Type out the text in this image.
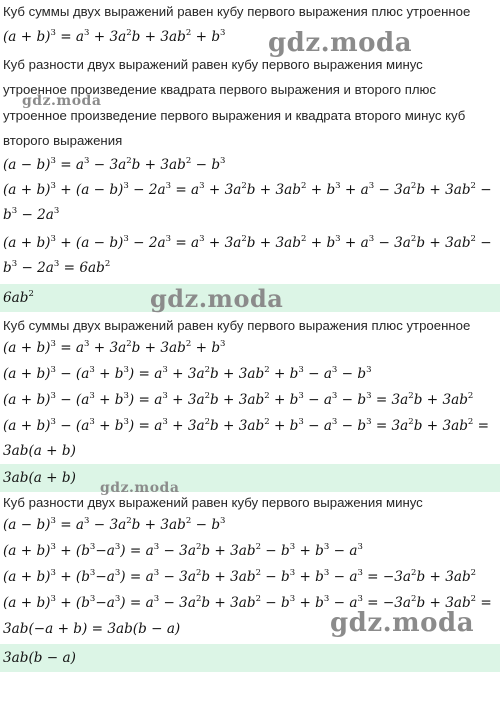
Куб суммы двух выражений равен кубу первого выражения плюс утроенное
$(a + b)^3 = a^3 + 3a^2b + 3ab^2 + b^3$
Куб разности двух выражений равен кубу первого выражения минус
утроенное произведение квадрата первого выражения и второго плюс
утроенное произведение первого выражения и квадрата второго минус куб
второго выражения
$(a - b)^3 = a^3 - 3a^2b + 3ab^2 - b^3$
$(a + b)^3 + (a - b)^3 - 2a^3 = a^3 + 3a^2b + 3ab^2 + b^3 + a^3 - 3a^2b + 3ab^2$ −
$b^3 - 2a^3$
$(a + b)^3 + (a - b)^3 - 2a^3 = a^3 + 3a^2b + 3ab^2 + b^3 + a^3 - 3a^2b + 3ab^2$ −
$b^3 - 2a^3 = 6ab^2$
$6ab^2$
Куб суммы двух выражений равен кубу первого выражения плюс утроенное
$(a + b)^3 = a^3 + 3a^2b + 3ab^2 + b^3$
$(a + b)^3 - (a^3 + b^3) = a^3 + 3a^2b + 3ab^2 + b^3 - a^3 - b^3$
$(a + b)^3 - (a^3 + b^3) = a^3 + 3a^2b + 3ab^2 + b^3 - a^3 - b^3 = 3a^2b + 3ab^2$
$(a + b)^3 - (a^3 + b^3) = a^3 + 3a^2b + 3ab^2 + b^3 - a^3 - b^3 = 3a^2b + 3ab^2$ =
3ab(a + b)
3ab(a + b)
Куб разности двух выражений равен кубу первого выражения минус
$(a - b)^3 = a^3 - 3a^2b + 3ab^2 - b^3$
$(a + b)^3 + (b^3-a^3) = a^3 - 3a^2b + 3ab^2 - b^3 + b^3 - a^3$
$(a + b)^3 + (b^3-a^3) = a^3 - 3a^2b + 3ab^2 - b^3 + b^3 - a^3 = -3a^2b + 3ab^2$
$(a + b)^3 + (b^3-a^3) = a^3 - 3a^2b + 3ab^2 - b^3 + b^3 - a^3 = -3a^2b + 3ab^2$ =
3ab(−a + b) = 3ab(b − a)
3ab(b − a)
gdz.moda
gdz.moda
gdz.moda
gdz.moda
gdz.moda
